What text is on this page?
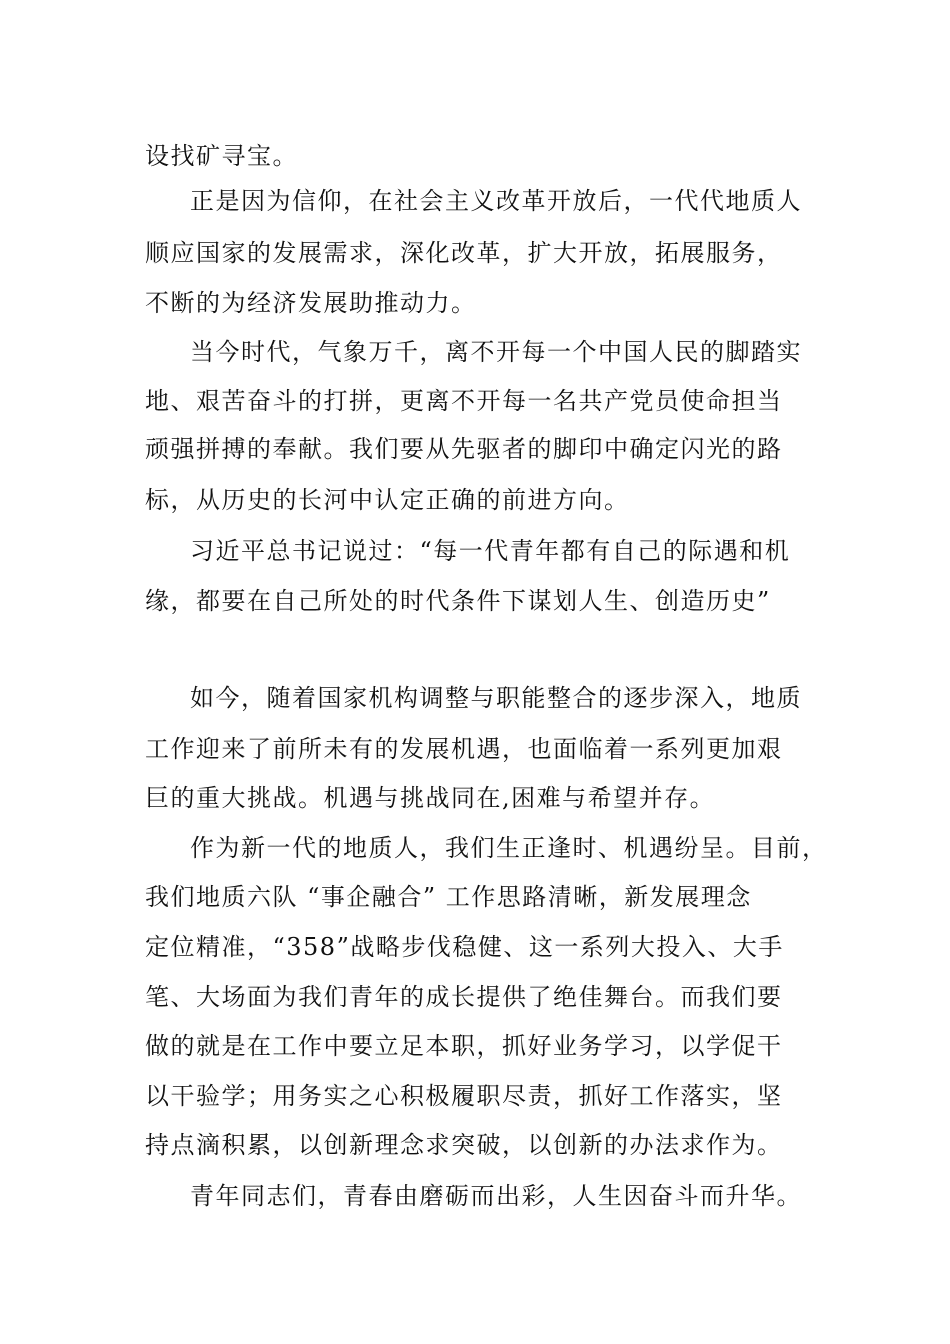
设找矿寻宝。

正是因为信仰，在社会主义改革开放后，一代代地质人

顺应国家的发展需求，深化改革，扩大开放，拓展服务，

不断的为经济发展助推动力。

当今时代，气象万千，离不开每一个中国人民的脚踏实

地、艰苦奋斗的打拼，更离不开每一名共产党员使命担当

顽强拼搏的奉献。我们要从先驱者的脚印中确定闪光的路

标，从历史的长河中认定正确的前进方向。

习近平总书记说过：“每一代青年都有自己的际遇和机

缘，都要在自己所处的时代条件下谋划人生、创造历史”

如今，随着国家机构调整与职能整合的逐步深入，地质

工作迎来了前所未有的发展机遇，也面临着一系列更加艰

巨的重大挑战。机遇与挑战同在,困难与希望并存。

作为新一代的地质人，我们生正逢时、机遇纷呈。目前，

我们地质六队 “事企融合” 工作思路清晰，新发展理念

定位精准，“358”战略步伐稳健、这一系列大投入、大手

笔、大场面为我们青年的成长提供了绝佳舞台。而我们要

做的就是在工作中要立足本职，抓好业务学习，以学促干

以干验学；用务实之心积极履职尽责，抓好工作落实，坚

持点滴积累，以创新理念求突破，以创新的办法求作为。

青年同志们，青春由磨砺而出彩，人生因奋斗而升华。
